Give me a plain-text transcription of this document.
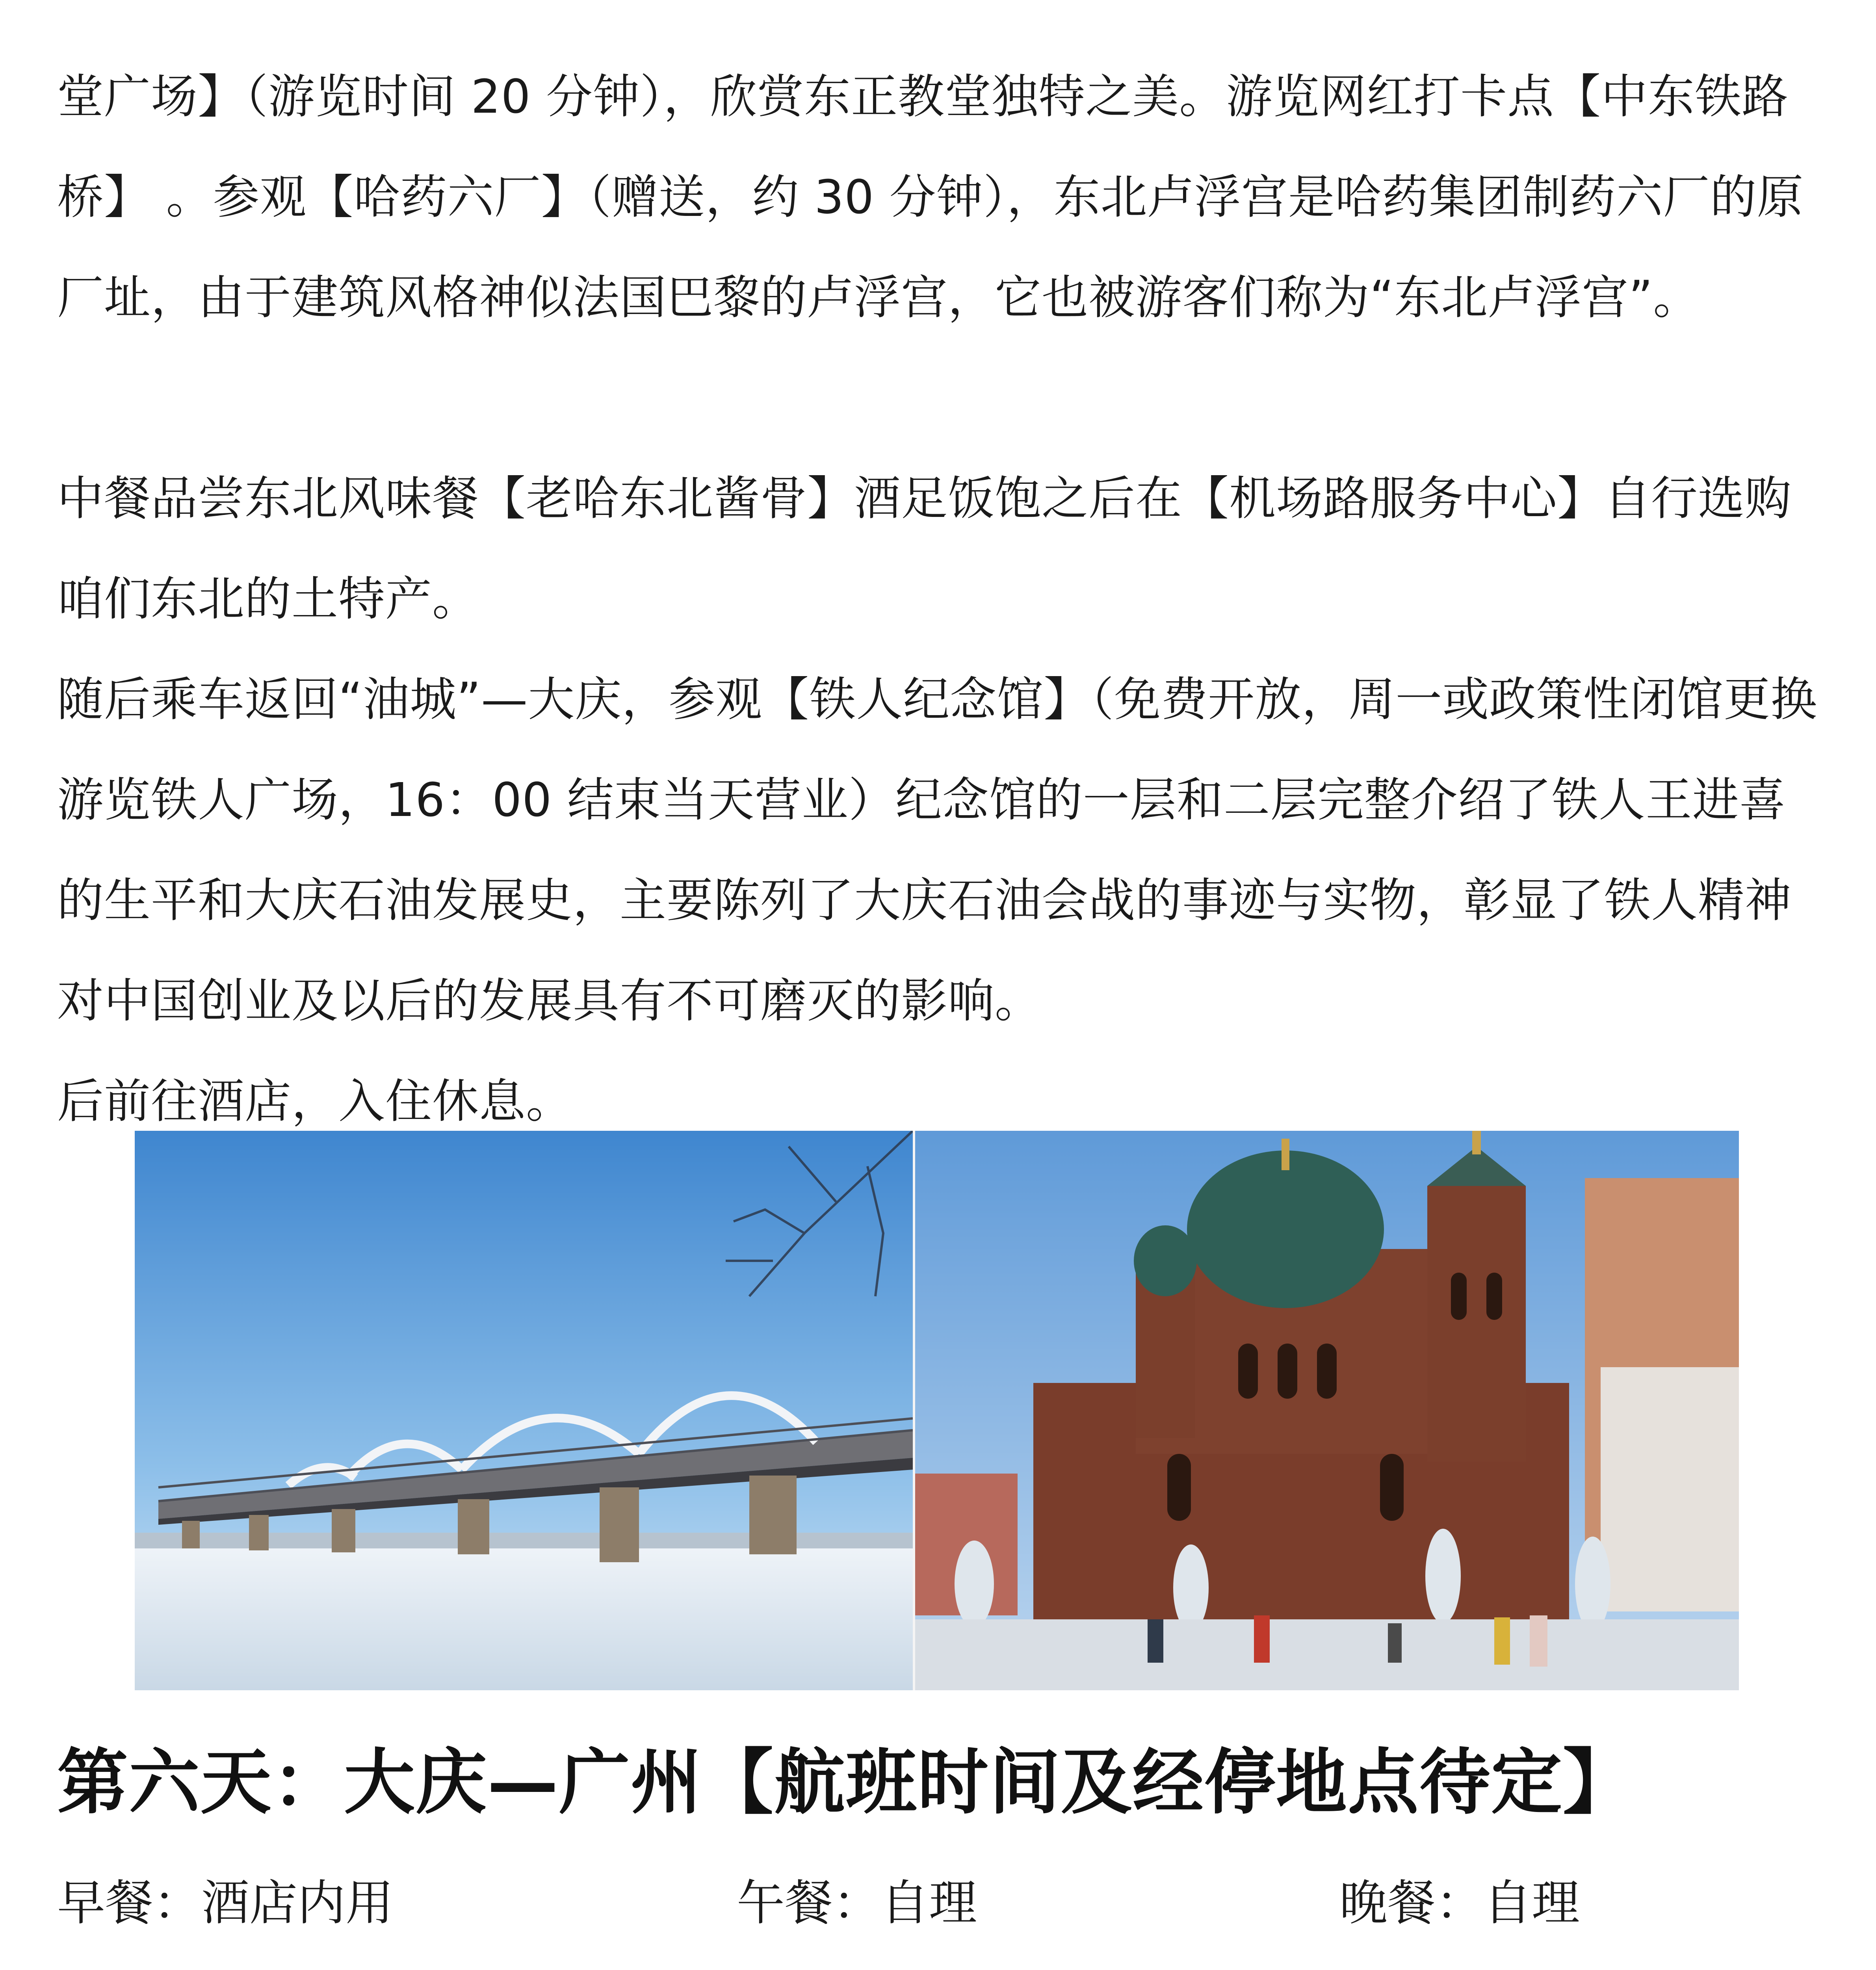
堂广场】（游览时间 20 分钟），欣赏东正教堂独特之美。游览网红打卡点【中东铁路桥】 。参观【哈药六厂】（赠送，约 30 分钟），东北卢浮宫是哈药集团制药六厂的原厂址，由于建筑风格神似法国巴黎的卢浮宫，它也被游客们称为“东北卢浮宫”。

中餐品尝东北风味餐【老哈东北酱骨】酒足饭饱之后在【机场路服务中心】自行选购咱们东北的土特产。

随后乘车返回“油城”—大庆，参观【铁人纪念馆】（免费开放，周一或政策性闭馆更换游览铁人广场，16：00 结束当天营业）纪念馆的一层和二层完整介绍了铁人王进喜的生平和大庆石油发展史，主要陈列了大庆石油会战的事迹与实物，彰显了铁人精神对中国创业及以后的发展具有不可磨灭的影响。

后前往酒店，入住休息。

第六天：大庆—广州【航班时间及经停地点待定】
早餐：酒店内用	午餐：自理	晚餐：自理
